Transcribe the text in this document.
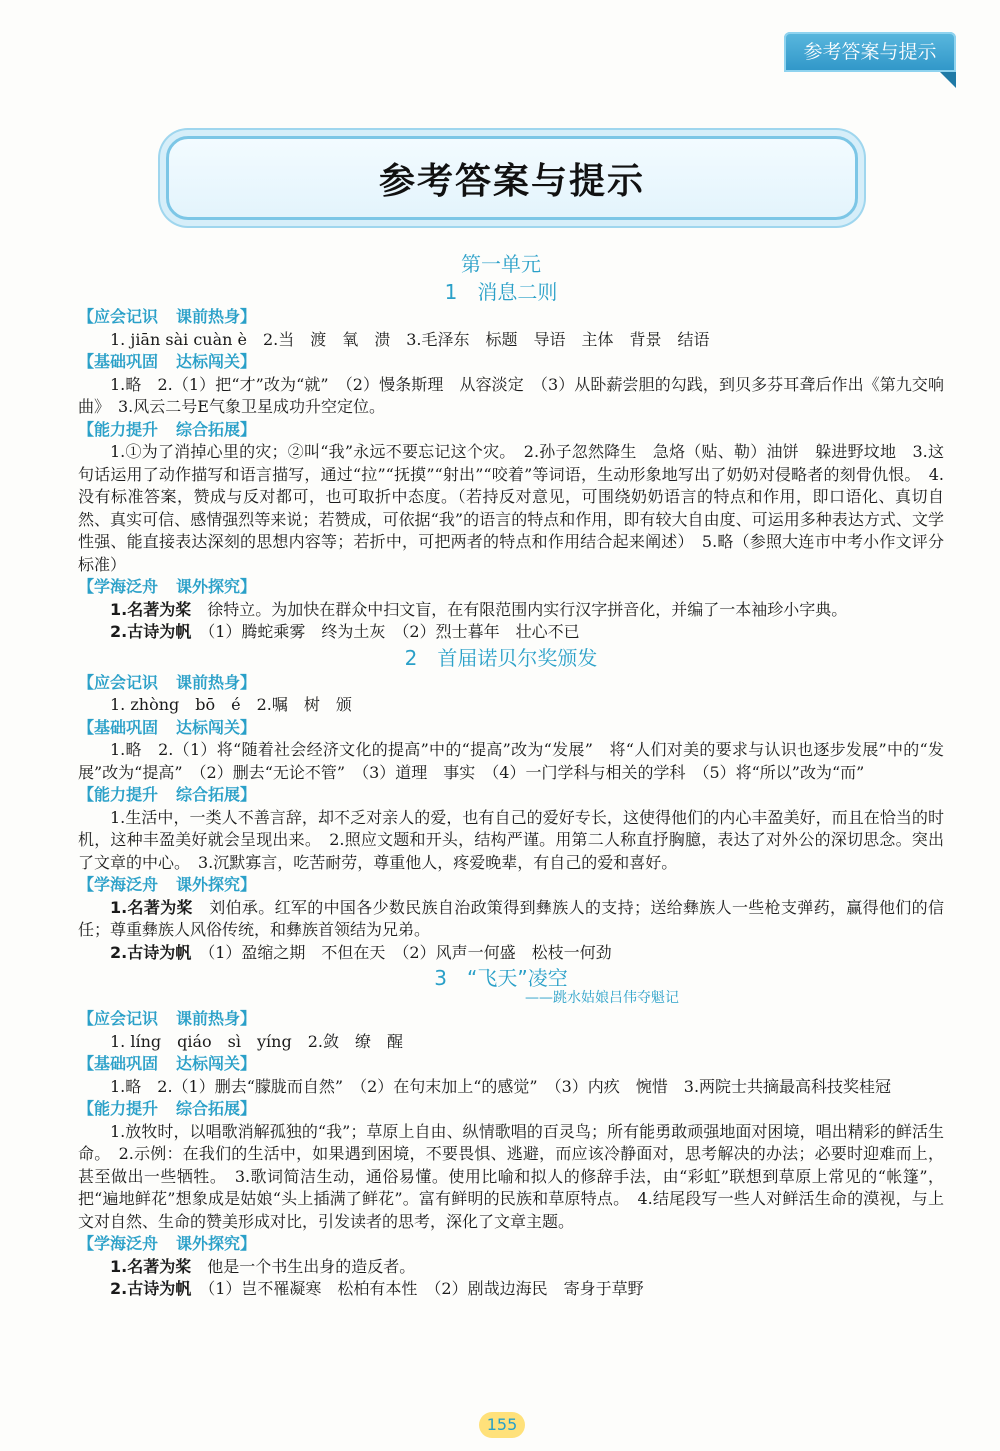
参考答案与提示
参考答案与提示
第一单元
1　消息二则
【应会记识 课前热身】

1. jiān sài cuàn è　2.当　渡　氧　溃　3.毛泽东　标题　导语　主体　背景　结语

【基础巩固 达标闯关】

1.略　2.（1）把“才”改为“就”　（2）慢条斯理　从容淡定　（3）从卧薪尝胆的勾践，到贝多芬耳聋后作出《第九交响曲》　3.风云二号E气象卫星成功升空定位。

【能力提升 综合拓展】

1.①为了消掉心里的灾；②叫“我”永远不要忘记这个灾。　2.孙子忽然降生　急烙（贴、勒）油饼　躲进野坟地　3.这句话运用了动作描写和语言描写，通过“拉”“抚摸”“射出”“咬着”等词语，生动形象地写出了奶奶对侵略者的刻骨仇恨。　4.没有标准答案，赞成与反对都可，也可取折中态度。（若持反对意见，可围绕奶奶语言的特点和作用，即口语化、真切自然、真实可信、感情强烈等来说；若赞成，可依据“我”的语言的特点和作用，即有较大自由度、可运用多种表达方式、文学性强、能直接表达深刻的思想内容等；若折中，可把两者的特点和作用结合起来阐述）　5.略（参照大连市中考小作文评分标准）

【学海泛舟 课外探究】

1.名著为桨　徐特立。为加快在群众中扫文盲，在有限范围内实行汉字拼音化，并编了一本袖珍小字典。

2.古诗为帆　（1）腾蛇乘雾　终为土灰　（2）烈士暮年　壮心不已

2　首届诺贝尔奖颁发
【应会记识 课前热身】

1. zhòng　bō　é　2.嘱　树　颁

【基础巩固 达标闯关】

1.略　2.（1）将“随着社会经济文化的提高”中的“提高”改为“发展”　将“人们对美的要求与认识也逐步发展”中的“发展”改为“提高”　（2）删去“无论不管”　（3）道理　事实　（4）一门学科与相关的学科　（5）将“所以”改为“而”

【能力提升 综合拓展】

1.生活中，一类人不善言辞，却不乏对亲人的爱，也有自己的爱好专长，这使得他们的内心丰盈美好，而且在恰当的时机，这种丰盈美好就会呈现出来。　2.照应文题和开头，结构严谨。用第二人称直抒胸臆，表达了对外公的深切思念。突出了文章的中心。　3.沉默寡言，吃苦耐劳，尊重他人，疼爱晚辈，有自己的爱和喜好。

【学海泛舟 课外探究】

1.名著为桨　刘伯承。红军的中国各少数民族自治政策得到彝族人的支持；送给彝族人一些枪支弹药，赢得他们的信任；尊重彝族人风俗传统，和彝族首领结为兄弟。

2.古诗为帆　（1）盈缩之期　不但在天　（2）风声一何盛　松枝一何劲

3　“飞天”凌空
——跳水姑娘吕伟夺魁记
【应会记识 课前热身】

1. líng　qiáo　sì　yíng　2.敛　缭　醒

【基础巩固 达标闯关】

1.略　2.（1）删去“朦胧而自然”　（2）在句末加上“的感觉”　（3）内疚　惋惜　3.两院士共摘最高科技奖桂冠

【能力提升 综合拓展】

1.放牧时，以唱歌消解孤独的“我”；草原上自由、纵情歌唱的百灵鸟；所有能勇敢顽强地面对困境，唱出精彩的鲜活生命。　2.示例：在我们的生活中，如果遇到困境，不要畏惧、逃避，而应该冷静面对，思考解决的办法；必要时迎难而上，甚至做出一些牺牲。　3.歌词简洁生动，通俗易懂。使用比喻和拟人的修辞手法，由“彩虹”联想到草原上常见的“帐篷”，把“遍地鲜花”想象成是姑娘“头上插满了鲜花”。富有鲜明的民族和草原特点。　4.结尾段写一些人对鲜活生命的漠视，与上文对自然、生命的赞美形成对比，引发读者的思考，深化了文章主题。

【学海泛舟 课外探究】

1.名著为桨　他是一个书生出身的造反者。

2.古诗为帆　（1）岂不罹凝寒　松柏有本性　（2）剧哉边海民　寄身于草野

155
